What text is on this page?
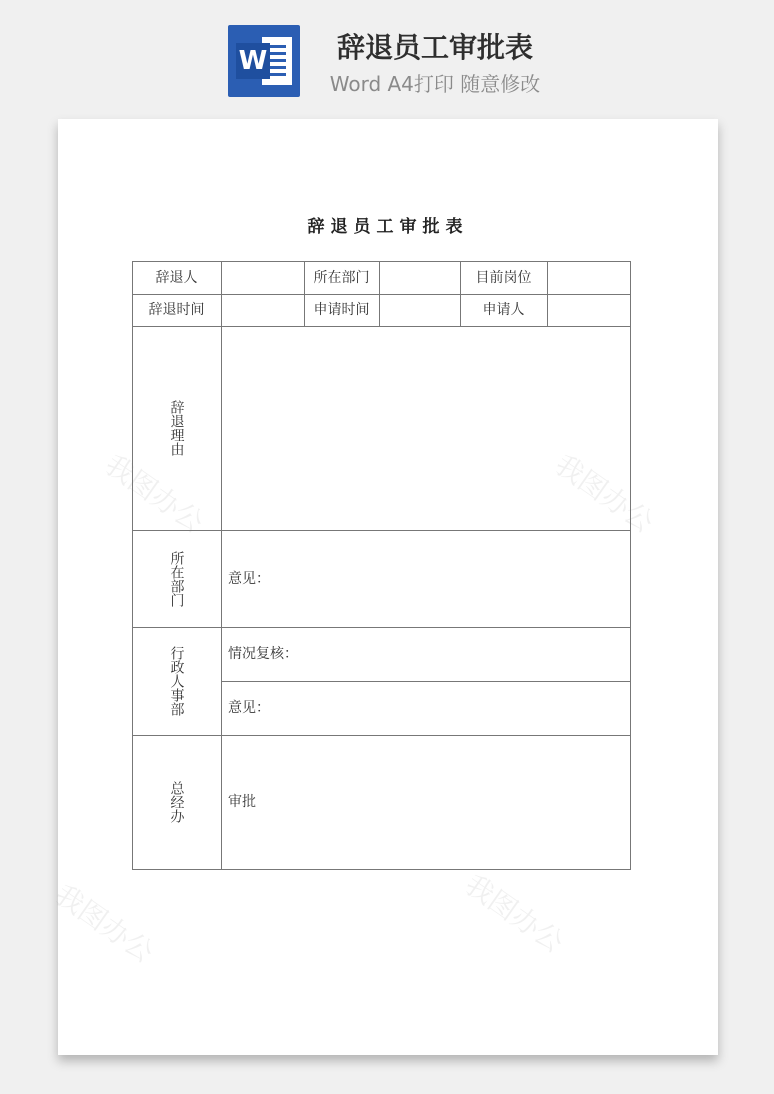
W	辞退员工审批表
Word A4打印 随意修改
我图办公	我图办公
我图办公
我图办公
辞退员工审批表
辞退人	所在部门	目前岗位
辞退时间	申请时间	申请人
辞退理由
所在部门	意见：
行政人事部	情况复核：
意见：
总经办	审批
